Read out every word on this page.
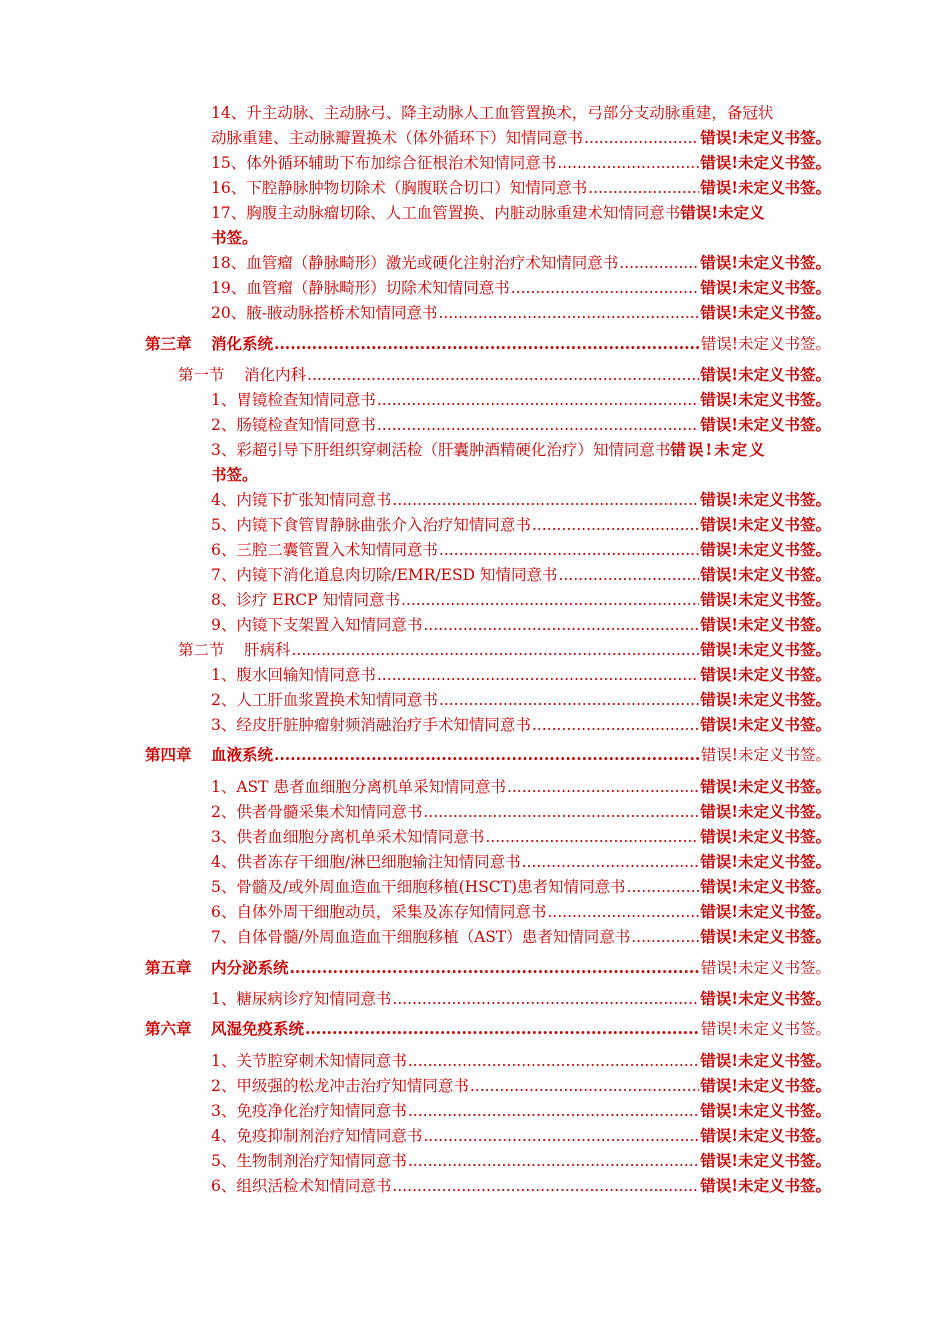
14、升主动脉、主动脉弓、降主动脉人工血管置换术，弓部分支动脉重建，备冠状
动脉重建、主动脉瓣置换术（体外循环下）知情同意书 .....	错误!未定义书签。
15、体外循环辅助下布加综合征根治术知情同意书 .....	错误!未定义书签。
16、下腔静脉肿物切除术（胸腹联合切口）知情同意书 .....	错误!未定义书签。
17、胸腹主动脉瘤切除、人工血管置换、内脏动脉重建术知情同意书 错误!未定义
书签。
18、血管瘤（静脉畸形）激光或硬化注射治疗术知情同意书 .....	错误!未定义书签。
19、血管瘤（静脉畸形）切除术知情同意书 .....	错误!未定义书签。
20、腋-腋动脉搭桥术知情同意书 .....	错误!未定义书签。
第三章 消化系统 .....	错误!未定义书签。
第一节 消化内科 .....	错误!未定义书签。
1、胃镜检查知情同意书 .....	错误!未定义书签。
2、肠镜检查知情同意书 .....	错误!未定义书签。
3、彩超引导下肝组织穿刺活检（肝囊肿酒精硬化治疗）知情同意书 错误!未定义
书签。
4、内镜下扩张知情同意书 .....	错误!未定义书签。
5、内镜下食管胃静脉曲张介入治疗知情同意书 .....	错误!未定义书签。
6、三腔二囊管置入术知情同意书 .....	错误!未定义书签。
7、内镜下消化道息肉切除/EMR/ESD 知情同意书 .....	错误!未定义书签。
8、诊疗 ERCP 知情同意书 .....	错误!未定义书签。
9、内镜下支架置入知情同意书 .....	错误!未定义书签。
第二节 肝病科 .....	错误!未定义书签。
1、腹水回输知情同意书 .....	错误!未定义书签。
2、人工肝血浆置换术知情同意书 .....	错误!未定义书签。
3、经皮肝脏肿瘤射频消融治疗手术知情同意书 .....	错误!未定义书签。
第四章 血液系统 .....	错误!未定义书签。
1、AST 患者血细胞分离机单采知情同意书 .....	错误!未定义书签。
2、供者骨髓采集术知情同意书 .....	错误!未定义书签。
3、供者血细胞分离机单采术知情同意书 .....	错误!未定义书签。
4、供者冻存干细胞/淋巴细胞输注知情同意书 .....	错误!未定义书签。
5、骨髓及/或外周血造血干细胞移植(HSCT)患者知情同意书 .....	错误!未定义书签。
6、自体外周干细胞动员，采集及冻存知情同意书 .....	错误!未定义书签。
7、自体骨髓/外周血造血干细胞移植（AST）患者知情同意书 .....	错误!未定义书签。
第五章 内分泌系统 .....	错误!未定义书签。
1、糖尿病诊疗知情同意书 .....	错误!未定义书签。
第六章 风湿免疫系统 .....	错误!未定义书签。
1、关节腔穿刺术知情同意书 .....	错误!未定义书签。
2、甲级强的松龙冲击治疗知情同意书 .....	错误!未定义书签。
3、免疫净化治疗知情同意书 .....	错误!未定义书签。
4、免疫抑制剂治疗知情同意书 .....	错误!未定义书签。
5、生物制剂治疗知情同意书 .....	错误!未定义书签。
6、组织活检术知情同意书 .....	错误!未定义书签。
